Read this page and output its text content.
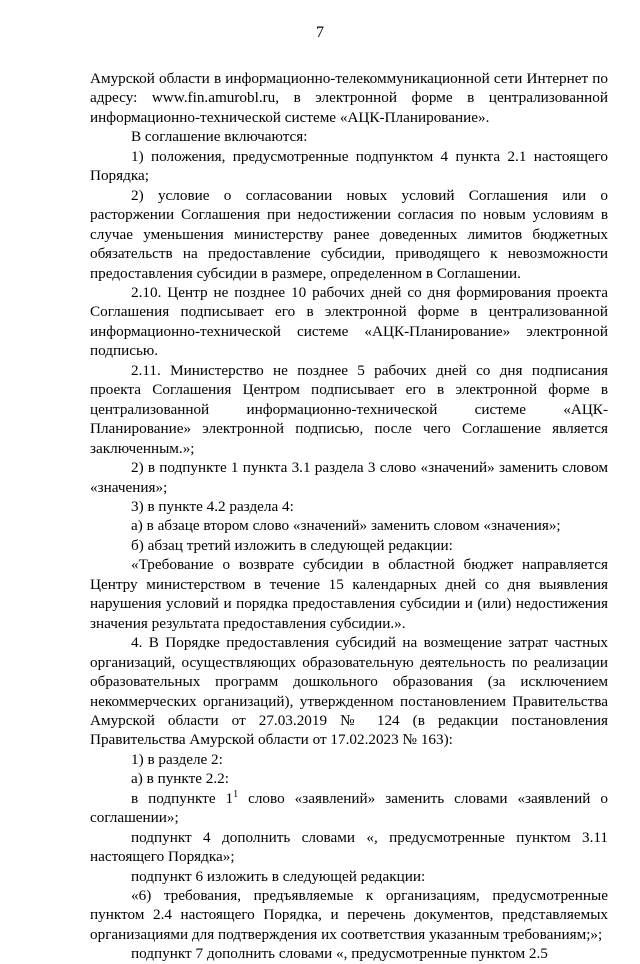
7

Амурской области в информационно-телекоммуникационной сети Интернет по адресу: www.fin.amurobl.ru, в электронной форме в централизованной информационно-технической системе «АЦК-Планирование».

В соглашение включаются:

1) положения, предусмотренные подпунктом 4 пункта 2.1 настоящего Порядка;

2) условие о согласовании новых условий Соглашения или о расторжении Соглашения при недостижении согласия по новым условиям в случае уменьшения министерству ранее доведенных лимитов бюджетных обязательств на предоставление субсидии, приводящего к невозможности предоставления субсидии в размере, определенном в Соглашении.

2.10. Центр не позднее 10 рабочих дней со дня формирования проекта Соглашения подписывает его в электронной форме в централизованной информационно-технической системе «АЦК-Планирование» электронной подписью.

2.11. Министерство не позднее 5 рабочих дней со дня подписания проекта Соглашения Центром подписывает его в электронной форме в централизованной информационно-технической системе «АЦК-Планирование» электронной подписью, после чего Соглашение является заключенным.»;

2) в подпункте 1 пункта 3.1 раздела 3 слово «значений» заменить словом «значения»;

3) в пункте 4.2 раздела 4:

а) в абзаце втором слово «значений» заменить словом «значения»;

б) абзац третий изложить в следующей редакции:

«Требование о возврате субсидии в областной бюджет направляется Центру министерством в течение 15 календарных дней со дня выявления нарушения условий и порядка предоставления субсидии и (или) недостижения значения результата предоставления субсидии.».

4. В Порядке предоставления субсидий на возмещение затрат частных организаций, осуществляющих образовательную деятельность по реализации образовательных программ дошкольного образования (за исключением некоммерческих организаций), утвержденном постановлением Правительства Амурской области от 27.03.2019 № 124 (в редакции постановления Правительства Амурской области от 17.02.2023 № 163):

1) в разделе 2:

а) в пункте 2.2:

в подпункте $1^1$ слово «заявлений» заменить словами «заявлений о соглашении»;

подпункт 4 дополнить словами «, предусмотренные пунктом 3.11 настоящего Порядка»;

подпункт 6 изложить в следующей редакции:

«6) требования, предъявляемые к организациям, предусмотренные пунктом 2.4 настоящего Порядка, и перечень документов, представляемых организациями для подтверждения их соответствия указанным требованиям;»;

подпункт 7 дополнить словами «, предусмотренные пунктом 2.5
